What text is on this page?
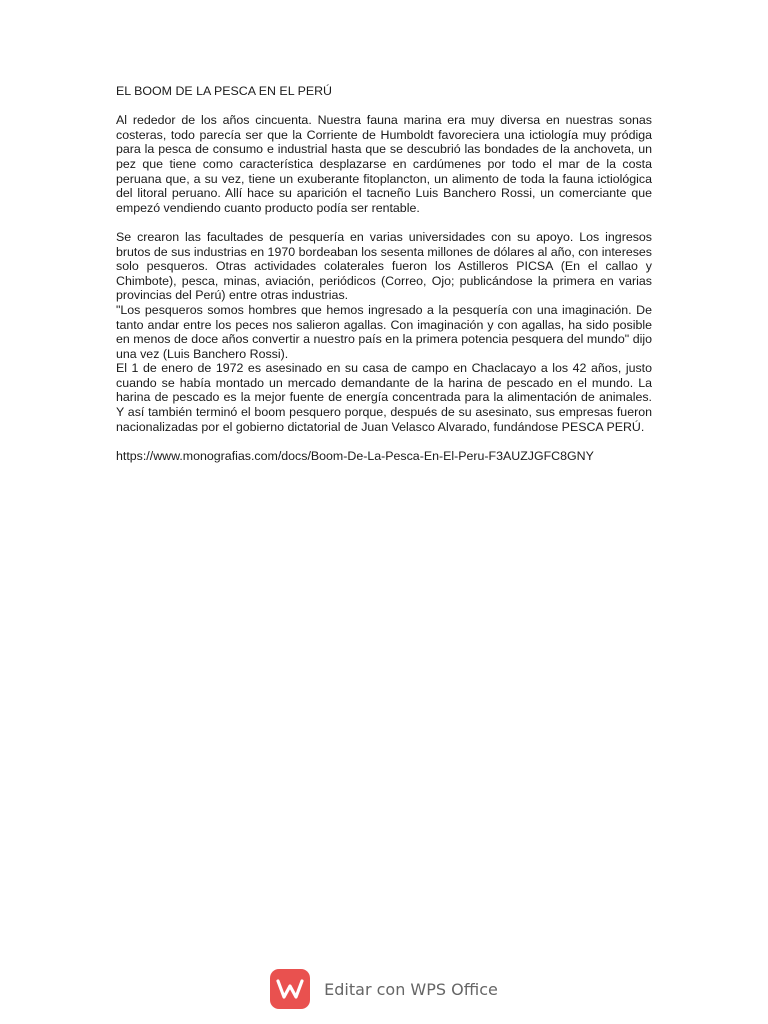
EL BOOM DE LA PESCA EN EL PERÚ

Al rededor de los años cincuenta. Nuestra fauna marina era muy diversa en nuestras sonas costeras, todo parecía ser que la Corriente de Humboldt favoreciera una ictiología muy pródiga para la pesca de consumo e industrial hasta que se descubrió las bondades de la anchoveta, un pez que tiene como característica desplazarse en cardúmenes por todo el mar de la costa peruana que, a su vez, tiene un exuberante fitoplancton, un alimento de toda la fauna ictiológica del litoral peruano. Allí hace su aparición el tacneño Luis Banchero Rossi, un comerciante que empezó vendiendo cuanto producto podía ser rentable.

Se crearon las facultades de pesquería en varias universidades con su apoyo. Los ingresos brutos de sus industrias en 1970 bordeaban los sesenta millones de dólares al año, con intereses solo pesqueros. Otras actividades colaterales fueron los Astilleros PICSA (En el callao y Chimbote), pesca, minas, aviación, periódicos (Correo, Ojo; publicándose la primera en varias provincias del Perú) entre otras industrias.

"Los pesqueros somos hombres que hemos ingresado a la pesquería con una imaginación. De tanto andar entre los peces nos salieron agallas. Con imaginación y con agallas, ha sido posible en menos de doce años convertir a nuestro país en la primera potencia pesquera del mundo" dijo una vez (Luis Banchero Rossi).

El 1 de enero de 1972 es asesinado en su casa de campo en Chaclacayo a los 42 años, justo cuando se había montado un mercado demandante de la harina de pescado en el mundo. La harina de pescado es la mejor fuente de energía concentrada para la alimentación de animales. Y así también terminó el boom pesquero porque, después de su asesinato, sus empresas fueron nacionalizadas por el gobierno dictatorial de Juan Velasco Alvarado, fundándose PESCA PERÚ.

https://www.monografias.com/docs/Boom-De-La-Pesca-En-El-Peru-F3AUZJGFC8GNY

Editar con WPS Office
